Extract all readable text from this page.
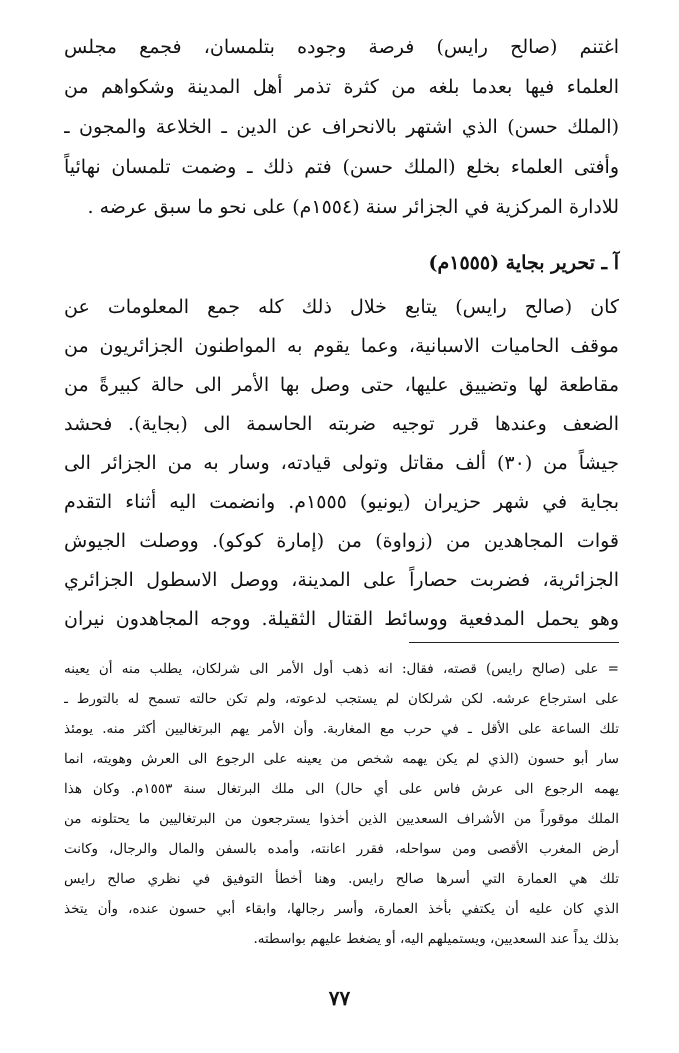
اغتنم (صالح رايس) فرصة وجوده بتلمسان، فجمع مجلس

العلماء فيها بعدما بلغه من كثرة تذمر أهل المدينة وشكواهم من

(الملك حسن) الذي اشتهر بالانحراف عن الدين ـ الخلاعة والمجون ـ

وأفتى العلماء بخلع (الملك حسن) فتم ذلك ـ وضمت تلمسان نهائياً

للادارة المركزية في الجزائر سنة (١٥٥٤م) على نحو ما سبق عرضه .

آ ـ تحرير بجاية (١٥٥٥م)

كان (صالح رايس) يتابع خلال ذلك كله جمع المعلومات عن

موقف الحاميات الاسبانية، وعما يقوم به المواطنون الجزائريون من

مقاطعة لها وتضييق عليها، حتى وصل بها الأمر الى حالة كبيرةً من

الضعف وعندها قرر توجيه ضربته الحاسمة الى (بجاية). فحشد

جيشاً من (٣٠) ألف مقاتل وتولى قيادته، وسار به من الجزائر الى

بجاية في شهر حزيران (يونيو) ١٥٥٥م. وانضمت اليه أثناء التقدم

قوات المجاهدين من (زواوة) من (إمارة كوكو). ووصلت الجيوش

الجزائرية، فضربت حصاراً على المدينة، ووصل الاسطول الجزائري

وهو يحمل المدفعية ووسائط القتال الثقيلة. ووجه المجاهدون نيران

= على (صالح رايس) قصته، فقال: انه ذهب أول الأمر الى شرلكان، يطلب منه أن يعينه

على استرجاع عرشه. لكن شرلكان لم يستجب لدعوته، ولم تكن حالته تسمح له بالتورط ـ

تلك الساعة على الأقل ـ في حرب مع المغاربة. وأن الأمر يهم البرتغاليين أكثر منه. يومئذ

سار أبو حسون (الذي لم يكن يهمه شخص من يعينه على الرجوع الى العرش وهويته، انما

يهمه الرجوع الى عرش فاس على أي حال) الى ملك البرتغال سنة ١٥٥٣م. وكان هذا

الملك موقوراً من الأشراف السعديين الذين أخذوا يسترجعون من البرتغاليين ما يحتلونه من

أرض المغرب الأقصى ومن سواحله، فقرر اعانته، وأمده بالسفن والمال والرجال، وكانت

تلك هي العمارة التي أسرها صالح رايس. وهنا أخطأ التوفيق في نظري صالح رايس

الذي كان عليه أن يكتفي بأخذ العمارة، وأسر رجالها، وابقاء أبي حسون عنده، وأن يتخذ

بذلك يداً عند السعديين، ويستميلهم اليه، أو يضغط عليهم بواسطته.

٧٧
